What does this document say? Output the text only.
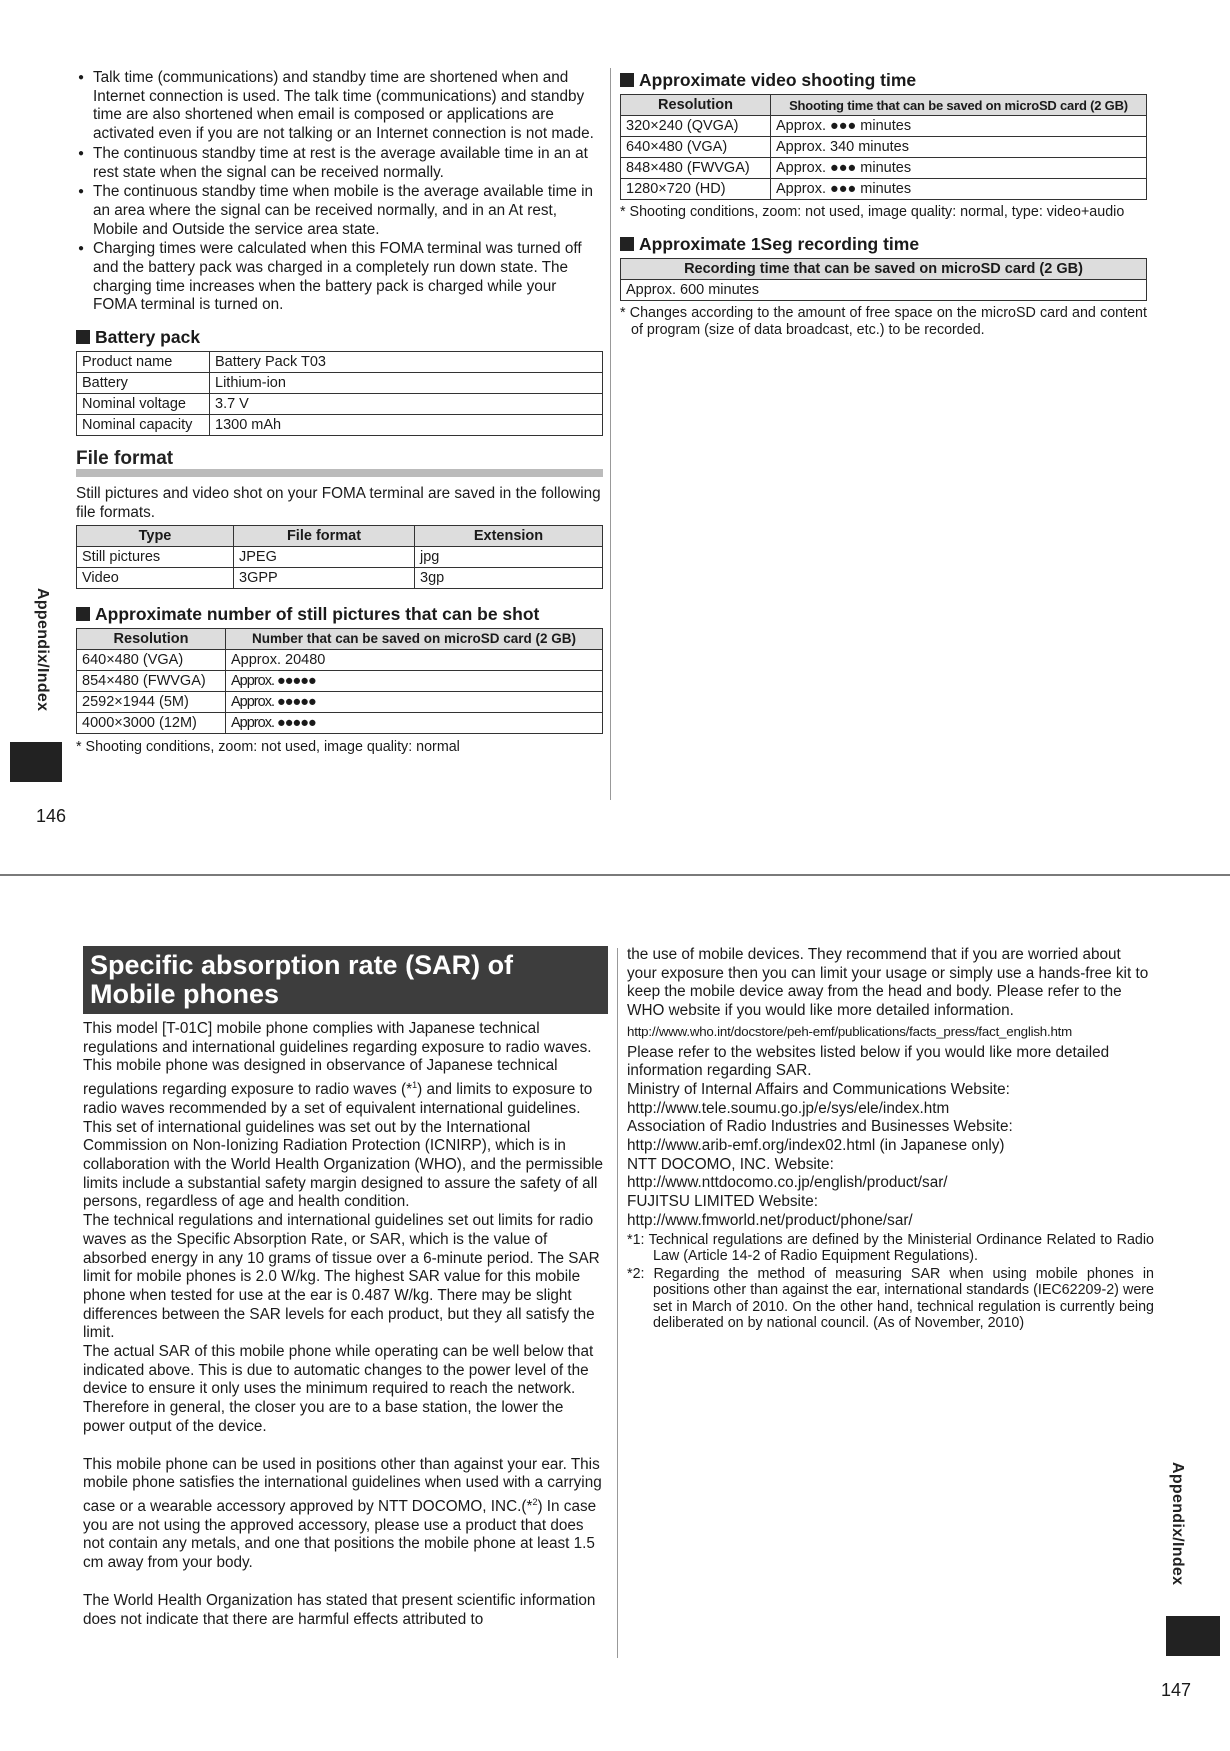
● Talk time (communications) and standby time are shortened when and Internet connection is used. The talk time (communications) and standby time are also shortened when email is composed or applications are activated even if you are not talking or an Internet connection is not made.
● The continuous standby time at rest is the average available time in an at rest state when the signal can be received normally.
● The continuous standby time when mobile is the average available time in an area where the signal can be received normally, and in an At rest, Mobile and Outside the service area state.
● Charging times were calculated when this FOMA terminal was turned off and the battery pack was charged in a completely run down state. The charging time increases when the battery pack is charged while your FOMA terminal is turned on.
Battery pack
Product name	Battery Pack T03
Battery	Lithium-ion
Nominal voltage	3.7 V
Nominal capacity	1300 mAh
File format
Still pictures and video shot on your FOMA terminal are saved in the following file formats.
Type	File format	Extension
Still pictures	JPEG	jpg
Video	3GPP	3gp
Approximate number of still pictures that can be shot
Resolution	Number that can be saved on microSD card (2 GB)
640×480 (VGA)	Approx. 20480
854×480 (FWVGA)	Approx. ●●●●●
2592×1944 (5M)	Approx. ●●●●●
4000×3000 (12M)	Approx. ●●●●●
* Shooting conditions, zoom: not used, image quality: normal
Approximate video shooting time
Resolution	Shooting time that can be saved on microSD card (2 GB)
320×240 (QVGA)	Approx. ●●● minutes
640×480 (VGA)	Approx. 340 minutes
848×480 (FWVGA)	Approx. ●●● minutes
1280×720 (HD)	Approx. ●●● minutes
* Shooting conditions, zoom: not used, image quality: normal, type: video+audio
Approximate 1Seg recording time
Recording time that can be saved on microSD card (2 GB)
Approx. 600 minutes
* Changes according to the amount of free space on the microSD card and content of program (size of data broadcast, etc.) to be recorded.
Appendix/Index
146
Specific absorption rate (SAR) of
Mobile phones
This model [T-01C] mobile phone complies with Japanese technical regulations and international guidelines regarding exposure to radio waves.
This mobile phone was designed in observance of Japanese technical regulations regarding exposure to radio waves (*$^1$) and limits to exposure to radio waves recommended by a set of equivalent international guidelines. This set of international guidelines was set out by the International Commission on Non-Ionizing Radiation Protection (ICNIRP), which is in collaboration with the World Health Organization (WHO), and the permissible limits include a substantial safety margin designed to assure the safety of all persons, regardless of age and health condition.
The technical regulations and international guidelines set out limits for radio waves as the Specific Absorption Rate, or SAR, which is the value of absorbed energy in any 10 grams of tissue over a 6-minute period. The SAR limit for mobile phones is 2.0 W/kg. The highest SAR value for this mobile phone when tested for use at the ear is 0.487 W/kg. There may be slight differences between the SAR levels for each product, but they all satisfy the limit.
The actual SAR of this mobile phone while operating can be well below that indicated above. This is due to automatic changes to the power level of the device to ensure it only uses the minimum required to reach the network. Therefore in general, the closer you are to a base station, the lower the power output of the device.
This mobile phone can be used in positions other than against your ear. This mobile phone satisfies the international guidelines when used with a carrying case or a wearable accessory approved by NTT DOCOMO, INC.(*$^2$) In case you are not using the approved accessory, please use a product that does not contain any metals, and one that positions the mobile phone at least 1.5 cm away from your body.
The World Health Organization has stated that present scientific information does not indicate that there are harmful effects attributed to
the use of mobile devices. They recommend that if you are worried about your exposure then you can limit your usage or simply use a hands-free kit to keep the mobile device away from the head and body. Please refer to the WHO website if you would like more detailed information.
http://www.who.int/docstore/peh-emf/publications/facts_press/fact_english.htm
Please refer to the websites listed below if you would like more detailed information regarding SAR.
Ministry of Internal Affairs and Communications Website:
http://www.tele.soumu.go.jp/e/sys/ele/index.htm
Association of Radio Industries and Businesses Website:
http://www.arib-emf.org/index02.html (in Japanese only)
NTT DOCOMO, INC. Website:
http://www.nttdocomo.co.jp/english/product/sar/
FUJITSU LIMITED Website:
http://www.fmworld.net/product/phone/sar/
*1: Technical regulations are defined by the Ministerial Ordinance Related to Radio Law (Article 14-2 of Radio Equipment Regulations).
*2: Regarding the method of measuring SAR when using mobile phones in positions other than against the ear, international standards (IEC62209-2) were set in March of 2010. On the other hand, technical regulation is currently being deliberated on by national council. (As of November, 2010)
Appendix/Index
147
